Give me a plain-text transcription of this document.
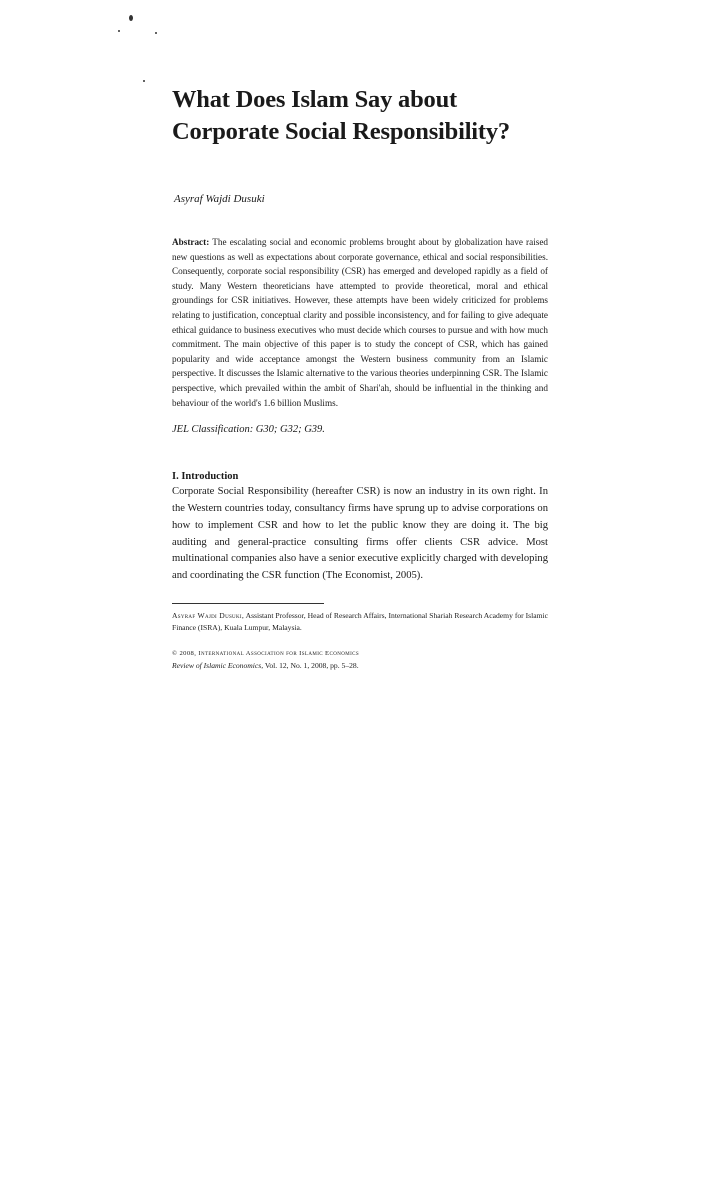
What Does Islam Say about
Corporate Social Responsibility?
Asyraf Wajdi Dusuki
Abstract: The escalating social and economic problems brought about by globalization have raised new questions as well as expectations about corporate governance, ethical and social responsibilities. Consequently, corporate social responsibility (CSR) has emerged and developed rapidly as a field of study. Many Western theoreticians have attempted to provide theoretical, moral and ethical groundings for CSR initiatives. However, these attempts have been widely criticized for problems relating to justification, conceptual clarity and possible inconsistency, and for failing to give adequate ethical guidance to business executives who must decide which courses to pursue and with how much commitment. The main objective of this paper is to study the concept of CSR, which has gained popularity and wide acceptance amongst the Western business community from an Islamic perspective. It discusses the Islamic alternative to the various theories underpinning CSR. The Islamic perspective, which prevailed within the ambit of Shari'ah, should be influential in the thinking and behaviour of the world's 1.6 billion Muslims.
JEL Classification: G30; G32; G39.
I. Introduction
Corporate Social Responsibility (hereafter CSR) is now an industry in its own right. In the Western countries today, consultancy firms have sprung up to advise corporations on how to implement CSR and how to let the public know they are doing it. The big auditing and general-practice consulting firms offer clients CSR advice. Most multinational companies also have a senior executive explicitly charged with developing and coordinating the CSR function (The Economist, 2005).
Asyraf Wajdi Dusuki, Assistant Professor, Head of Research Affairs, International Shariah Research Academy for Islamic Finance (ISRA), Kuala Lumpur, Malaysia.
© 2008, International Association for Islamic Economics
Review of Islamic Economics, Vol. 12, No. 1, 2008, pp. 5–28.
